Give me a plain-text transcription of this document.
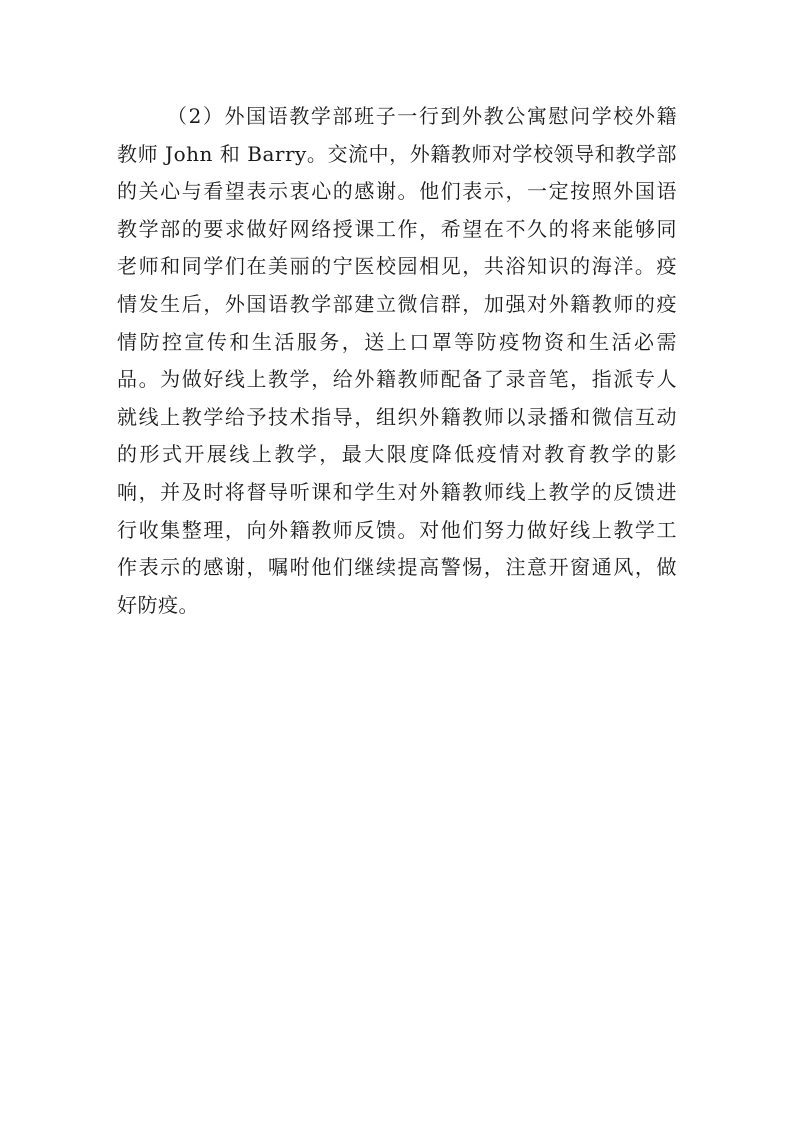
（2）外国语教学部班子一行到外教公寓慰问学校外籍
教师 John 和 Barry。交流中，外籍教师对学校领导和教学部
的关心与看望表示衷心的感谢。他们表示，一定按照外国语
教学部的要求做好网络授课工作，希望在不久的将来能够同
老师和同学们在美丽的宁医校园相见，共浴知识的海洋。疫
情发生后，外国语教学部建立微信群，加强对外籍教师的疫
情防控宣传和生活服务，送上口罩等防疫物资和生活必需
品。为做好线上教学，给外籍教师配备了录音笔，指派专人
就线上教学给予技术指导，组织外籍教师以录播和微信互动
的形式开展线上教学，最大限度降低疫情对教育教学的影
响，并及时将督导听课和学生对外籍教师线上教学的反馈进
行收集整理，向外籍教师反馈。对他们努力做好线上教学工
作表示的感谢，嘱咐他们继续提高警惕，注意开窗通风，做
好防疫。
